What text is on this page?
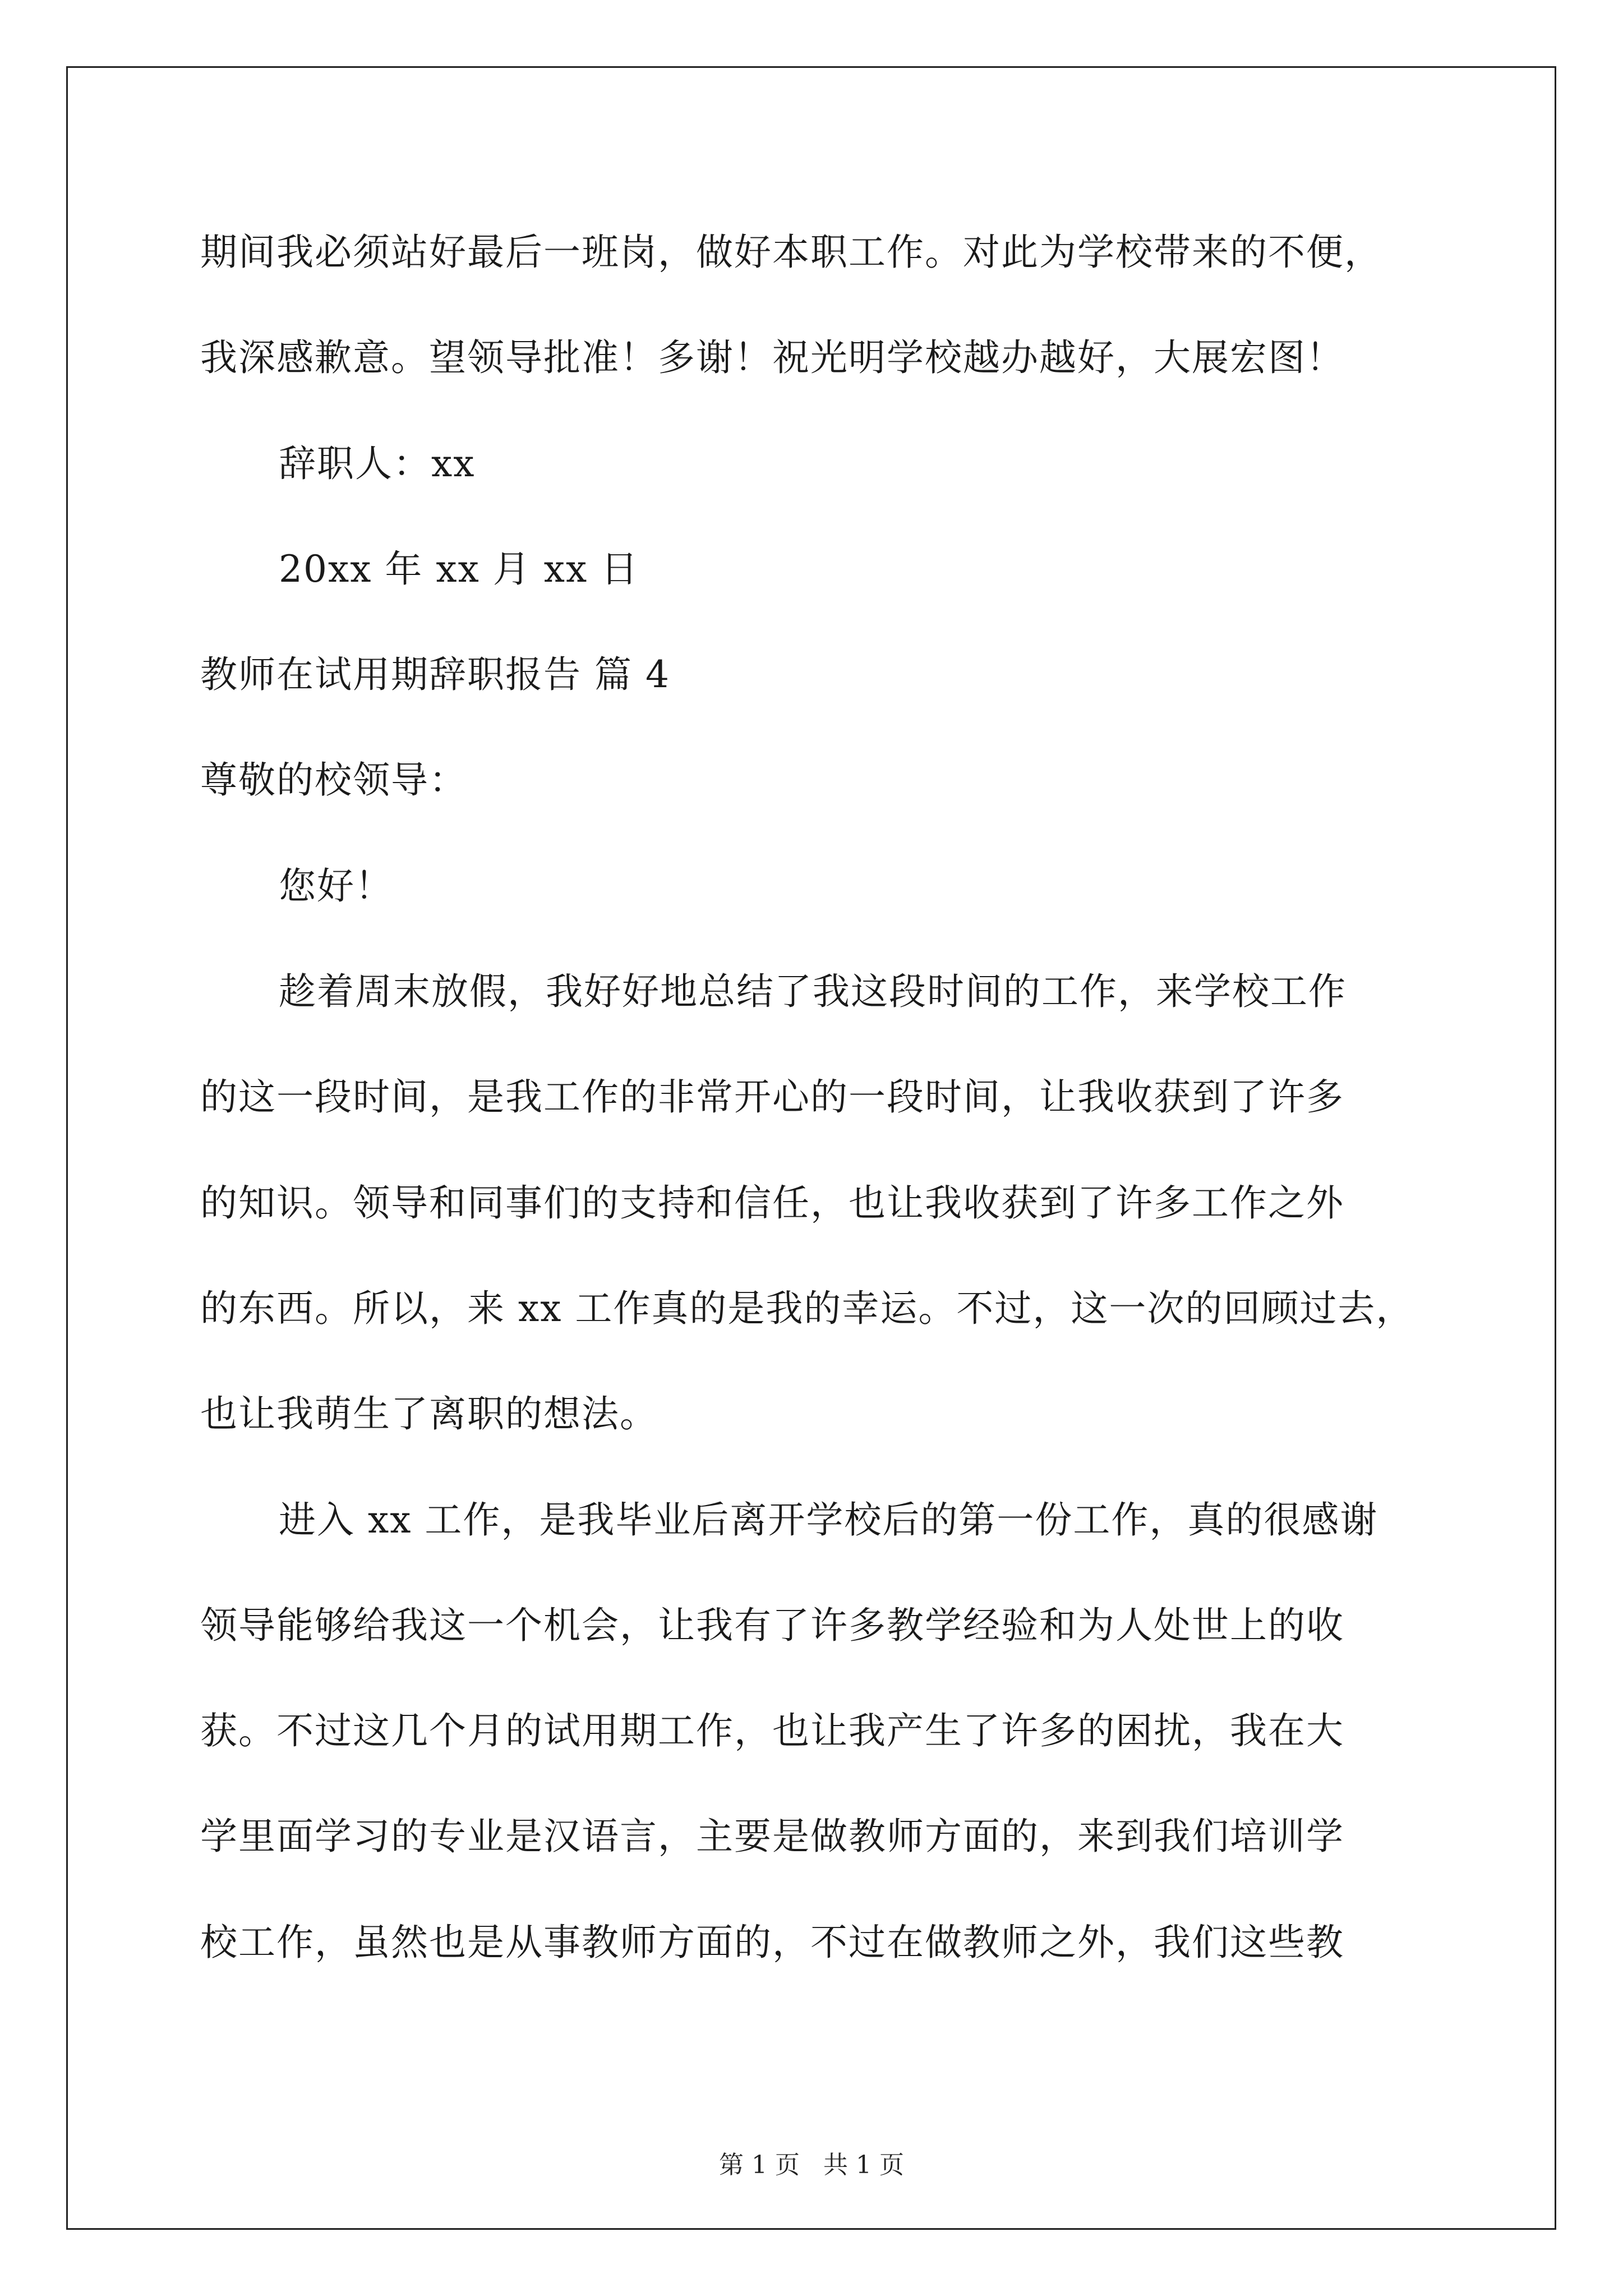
期间我必须站好最后一班岗，做好本职工作。对此为学校带来的不便，
我深感歉意。望领导批准！多谢！祝光明学校越办越好，大展宏图！
辞职人：xx
20xx 年 xx 月 xx 日
教师在试用期辞职报告 篇 4
尊敬的校领导：
您好！
趁着周末放假，我好好地总结了我这段时间的工作，来学校工作
的这一段时间，是我工作的非常开心的一段时间，让我收获到了许多
的知识。领导和同事们的支持和信任，也让我收获到了许多工作之外
的东西。所以，来 xx 工作真的是我的幸运。不过，这一次的回顾过去，
也让我萌生了离职的想法。
进入 xx 工作，是我毕业后离开学校后的第一份工作，真的很感谢
领导能够给我这一个机会，让我有了许多教学经验和为人处世上的收
获。不过这几个月的试用期工作，也让我产生了许多的困扰，我在大
学里面学习的专业是汉语言，主要是做教师方面的，来到我们培训学
校工作，虽然也是从事教师方面的，不过在做教师之外，我们这些教
第 1 页   共 1 页
